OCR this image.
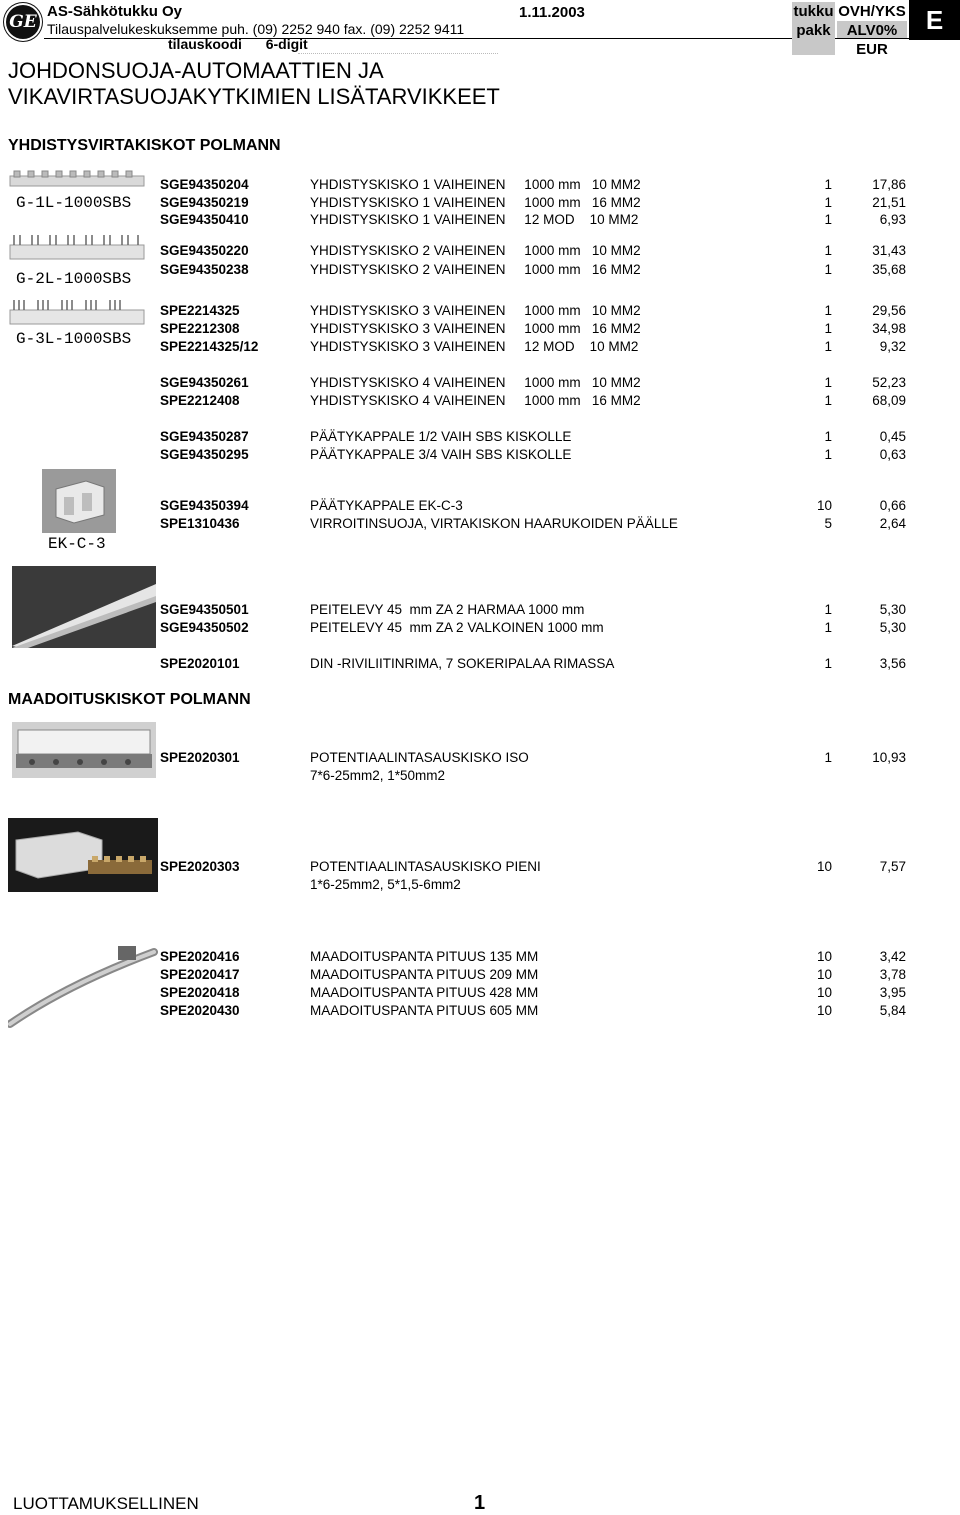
GE
AS-Sähkötukku Oy
Tilauspalvelukeskuksemme puh. (09) 2252 940 fax. (09) 2252 9411
1.11.2003
tilauskoodi 6-digit
tukku
pakk
OVH/YKS
ALV0%
EUR
E
JOHDONSUOJA-AUTOMAATTIEN JA
VIKAVIRTASUOJAKYTKIMIEN LISÄTARVIKKEET
YHDISTYSVIRTAKISKOT POLMANN
G-1L-1000SBS
G-2L-1000SBS
G-3L-1000SBS
EK-C-3
MAADOITUSKISKOT POLMANN
SGE94350204	YHDISTYSKISKO 1 VAIHEINEN     1000 mm   10 MM2	1	17,86
SGE94350219	YHDISTYSKISKO 1 VAIHEINEN     1000 mm   16 MM2	1	21,51
SGE94350410	YHDISTYSKISKO 1 VAIHEINEN     12 MOD    10 MM2	1	6,93
SGE94350220	YHDISTYSKISKO 2 VAIHEINEN     1000 mm   10 MM2	1	31,43
SGE94350238	YHDISTYSKISKO 2 VAIHEINEN     1000 mm   16 MM2	1	35,68
SPE2214325	YHDISTYSKISKO 3 VAIHEINEN     1000 mm   10 MM2	1	29,56
SPE2212308	YHDISTYSKISKO 3 VAIHEINEN     1000 mm   16 MM2	1	34,98
SPE2214325/12	YHDISTYSKISKO 3 VAIHEINEN     12 MOD    10 MM2	1	9,32
SGE94350261	YHDISTYSKISKO 4 VAIHEINEN     1000 mm   10 MM2	1	52,23
SPE2212408	YHDISTYSKISKO 4 VAIHEINEN     1000 mm   16 MM2	1	68,09
SGE94350287	PÄÄTYKAPPALE 1/2 VAIH SBS KISKOLLE	1	0,45
SGE94350295	PÄÄTYKAPPALE 3/4 VAIH SBS KISKOLLE	1	0,63
SGE94350394	PÄÄTYKAPPALE EK-C-3	10	0,66
SPE1310436	VIRROITINSUOJA, VIRTAKISKON HAARUKOIDEN PÄÄLLE	5	2,64
SGE94350501	PEITELEVY 45  mm ZA 2 HARMAA 1000 mm	1	5,30
SGE94350502	PEITELEVY 45  mm ZA 2 VALKOINEN 1000 mm	1	5,30
SPE2020101	DIN -RIVILIITINRIMA, 7 SOKERIPALAA RIMASSA	1	3,56
SPE2020301	POTENTIAALINTASAUSKISKO ISO	1	10,93
7*6-25mm2, 1*50mm2
SPE2020303	POTENTIAALINTASAUSKISKO PIENI	10	7,57
1*6-25mm2, 5*1,5-6mm2
SPE2020416	MAADOITUSPANTA PITUUS 135 MM	10	3,42
SPE2020417	MAADOITUSPANTA PITUUS 209 MM	10	3,78
SPE2020418	MAADOITUSPANTA PITUUS 428 MM	10	3,95
SPE2020430	MAADOITUSPANTA PITUUS 605 MM	10	5,84
LUOTTAMUKSELLINEN	1
